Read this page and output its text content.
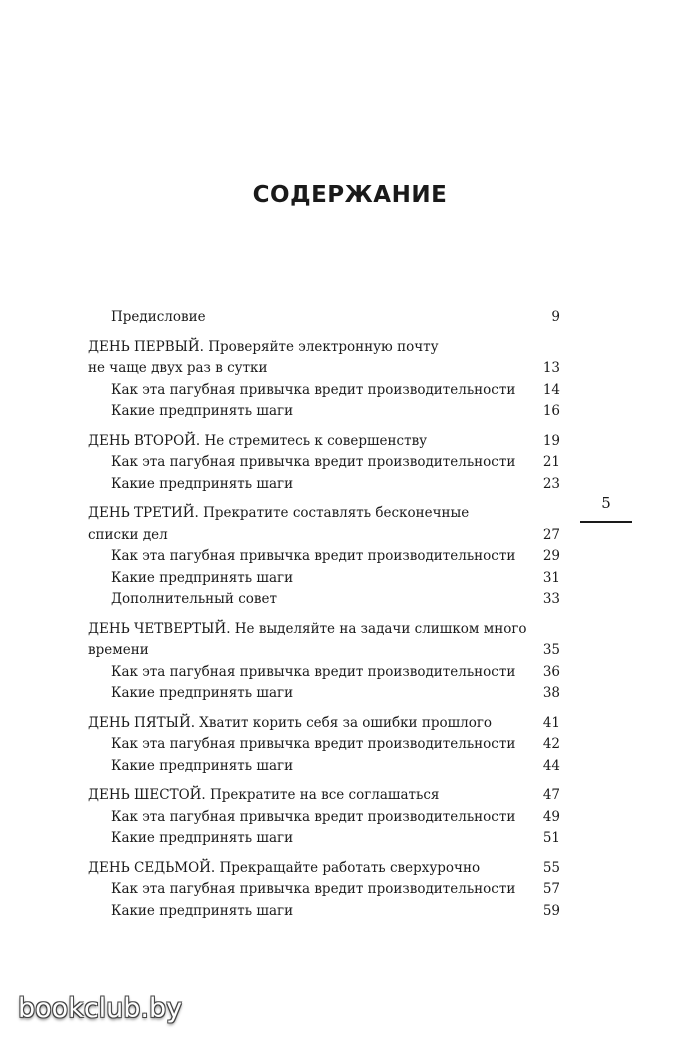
СОДЕРЖАНИЕ
Предисловие	9
ДЕНЬ ПЕРВЫЙ. Проверяйте электронную почту
не чаще двух раз в сутки	13
Как эта пагубная привычка вредит производительности 14
Какие предпринять шаги	16
ДЕНЬ ВТОРОЙ. Не стремитесь к совершенству	19
Как эта пагубная привычка вредит производительности 21
Какие предпринять шаги	23
ДЕНЬ ТРЕТИЙ. Прекратите составлять бесконечные
списки дел	27
Как эта пагубная привычка вредит производительности 29
Какие предпринять шаги	31
Дополнительный совет	33
ДЕНЬ ЧЕТВЕРТЫЙ. Не выделяйте на задачи слишком много
времени	35
Как эта пагубная привычка вредит производительности 36
Какие предпринять шаги	38
ДЕНЬ ПЯТЫЙ. Хватит корить себя за ошибки прошлого	41
Как эта пагубная привычка вредит производительности 42
Какие предпринять шаги	44
ДЕНЬ ШЕСТОЙ. Прекратите на все соглашаться	47
Как эта пагубная привычка вредит производительности 49
Какие предпринять шаги	51
ДЕНЬ СЕДЬМОЙ. Прекращайте работать сверхурочно	55
Как эта пагубная привычка вредит производительности 57
Какие предпринять шаги	59
5
bookclub.by
